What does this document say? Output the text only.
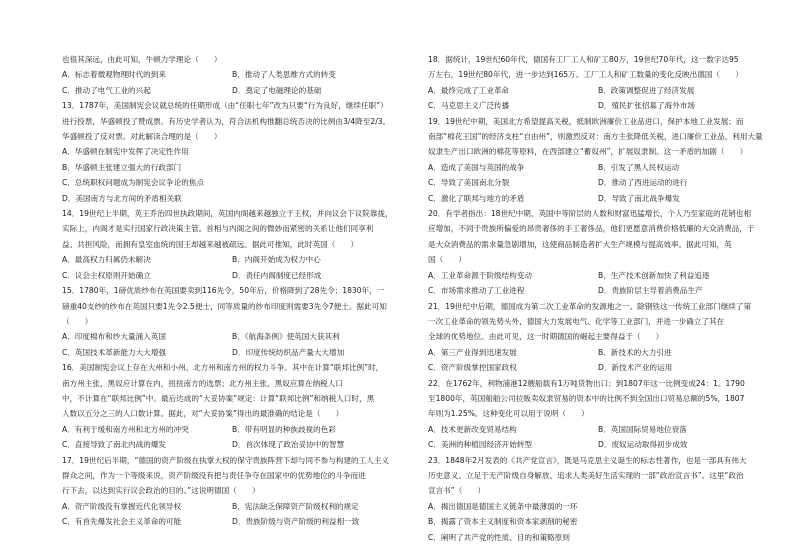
也很其深远，由此可知，牛顿力学理论（　　）
A．标志着微观物理时代的到来	B．推动了人类思维方式的转变
C．推动了电气工业的兴起	D．奠定了电磁理论的基础
13．1787年，美国制宪会议就总统的任期形成（由“任职七年”改为只要“行为良好，继续任职”）
进行投票，华盛顿投了赞成票。有历史学者认为，符合法机构推翻总统否决的比例由3/4降至2/3。
华盛顿投了反对票。对此解读合理的是（　　）
A．华盛顿在制宪中发挥了决定性作用
B．华盛顿主张建立强大的行政部门
C．总统职权问题成为制宪会议争论的焦点
D．美国南方与北方间的矛盾相关联
14．19世纪上半期，英王乔治四世执政期间，英国内阁越来越独立于王权，并向议会下议院靠拢，
实际上，内阁才是实行国家行政决策主管。首相与内阁之间的微妙而紧密的关系让他们同享利
益、共担风险，而拥有皇室血统的国王却越来越被疏远。据此可推知，此时英国（　　）
A．最高权力归属仍未解决	B．内阁开始成为权力中心
C．议会主权原则开始确立	D．责任内阁制度已经形成
15．1780年，1磅优质纱布在英国要卖到116先令，50年后，价格降到了28先令；1830年，一
磅重40支纱的纱布在英国只要1先令2.5便士，同等质量的纱布印度则需要3先令7便士。据此可知
（　　）
A．印度棉布和纱大量涌入英国	B．《航海条例》使英国大获其利
C．英国技术革新能力大大增强	D．印度传统纺织品产量大大增加
16．美国制宪会议上存在大州和小州、北方州和南方州的权力斗争。其中在计算“联邦比例”时，
南方州主张，黑奴应计算在内，扭扭南方的选票；北方州主张，黑奴应算在纳税人口
中，不计算在“联邦比例”中。最后达成的“大妥协案”规定：计算“联邦比例”和纳税人口时，黑
人数以五分之三的人口数计算。据此，对“大妥协案”得出的最准确的结论是（　　）
A．有利于缓和南方州和北方州的冲突	B．带有明显的种族歧视的色彩
C．直接导致了南北内战的爆发	D．首次体现了政治妥协中的智慧
17．19世纪后半期，“德国的资产阶级在执掌大权的保守贵族阵营下却与同不参与构建的工人主义
群众之间，作为一个等级来说，资产阶级没有把与责任争夺在国家中的优势地位的斗争而进
行下去，以达到实行议会政治的目的。”这说明德国（　　）
A．资产阶级没有掌握近代化领导权	B．宪法缺乏保障资产阶级权利的规定
C．有首先爆发社会主义革命的可能	D．贵族阶级与资产阶级的利益相一致
18．据统计，19世纪60年代，德国有工厂工人和矿工80万，19世纪70年代，这一数字达95
万左右，19世纪80年代，进一步达到165万。工厂工人和矿工数量的变化反映出德国（　　）
A．最终完成了工业革命	B．政策调整促进了经济发展
C．马克思主义广泛传播	D．殖民扩张招募了海外市场
19．19世纪中期，美国北方希望提高关税，抵制欧洲廉价工业品进口，保护本地工业发展；而
南部“棉花王国”的经济支柱“自由州”，则激烈反对：南方主张降低关税，进口廉价工业品，利用大量
奴隶生产出口欧洲的棉花等原料，在西部建立“蓄奴州”，扩展奴隶制。这一矛盾的加剧（　　）
A．造成了美国与英国的战争	B．引发了黑人民权运动
C．导致了美国南北分裂	D．推动了西进运动的进行
C．激化了联邦与地方的矛盾	D．导致了南北战争爆发
20．有学者指出：18世纪中期，英国中等阶层的人数和财富迅猛增长，个人乃至家庭的花销也相
应增加，不同于贵族所偏爱的昂贵奢侈的手工奢侈品，他们更愿意消费价格低廉的大众消费品，于
是大众消费品的需求量急剧增加，这使商品制造者扩大生产规模与提高效率。据此可知，英
国（　　）
A．工业革命源于阶级结构变动	B．生产技术创新加快了利益追逐
C．市场需求推动了工业进程	D．贵族阶层主导着消费品生产
21．19世纪中后期，德国成为第二次工业革命的发源地之一。除钢铁这一传统工业部门继续了第
一次工业革命的领先势头外，德国大力发展电气、化学等工业部门，并进一步确立了其在
全球的优势地位。由此可见，这一时期德国的崛起主要得益于（　　）
A．第三产业得到迅速发展	B．新技术的大力引进
C．资产阶级掌控国家政权	D．新技术产业的运用
22．在1762年，利物浦港12艘船载有1万吨货物出口；到1807年这一比例变成24：1。1790
至1800年，英国船舶公司拉贩卖奴隶贸易的资本中的比例不到全国出口贸易总额的5%，1807
年则为1.25%。这种变化可以用于说明（　　）
A．技术更新改变贸易结构	B．英国国际贸易地位衰落
C．美洲的种植园经济开始转型	D．废奴运动取得初步成效
23．1848年2月发表的《共产党宣言》，既是马克思主义诞生的标志性著作，也是一部具有伟大
历史意义、立足于无产阶级自身解放、追求人类美好生活实现的一部“政治宣言书”。这里“政治
宣言书”（　　）
A．揭出德国是德国主义链条中最薄弱的一环
B．揭露了资本主义制度和资本家剥削的秘密
C．阐明了共产党的性质、目的和策略原则
